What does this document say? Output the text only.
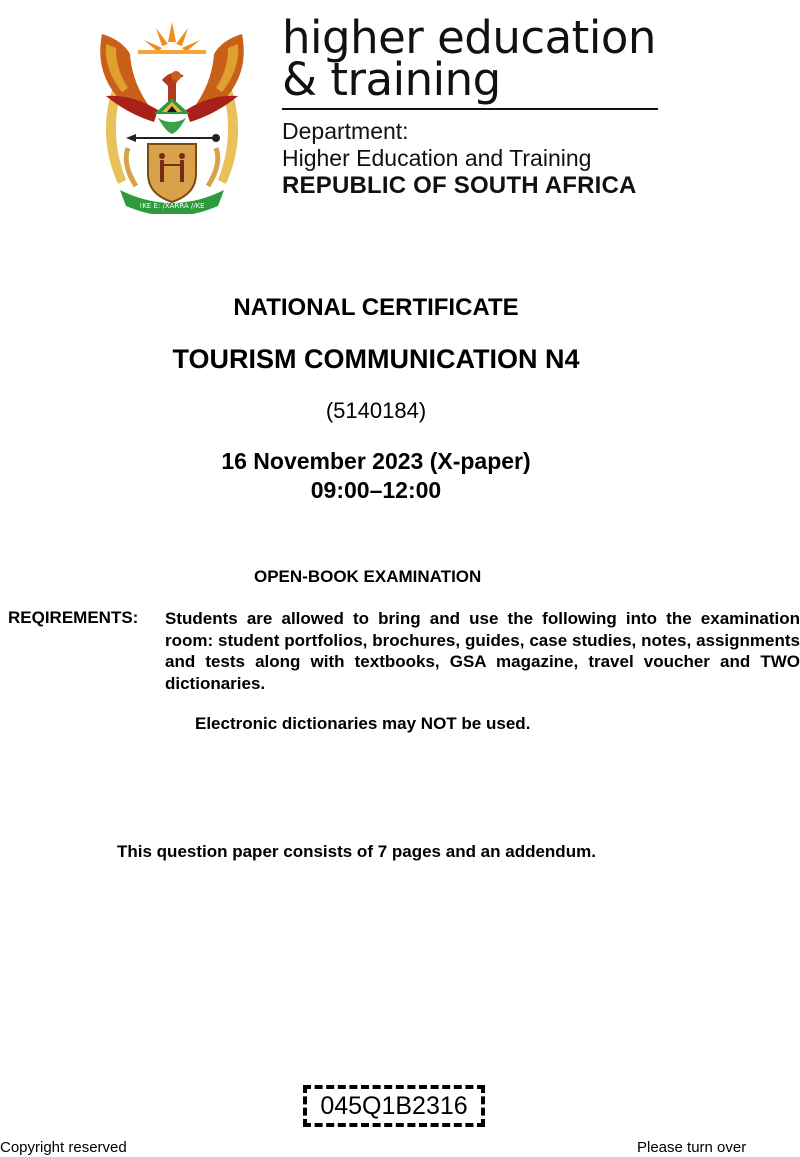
!KE E: /XARRA //KE
higher education
& training
Department:
Higher Education and Training
REPUBLIC OF SOUTH AFRICA
NATIONAL CERTIFICATE
TOURISM COMMUNICATION N4
(5140184)
16 November 2023 (X-paper)
09:00–12:00
OPEN-BOOK EXAMINATION
REQIREMENTS: Students are allowed to bring and use the following into the examination room: student portfolios, brochures, guides, case studies, notes, assignments and tests along with textbooks, GSA magazine, travel voucher and TWO dictionaries.
Electronic dictionaries may NOT be used.
This question paper consists of 7 pages and an addendum.
045Q1B2316
Copyright reserved	Please turn over
